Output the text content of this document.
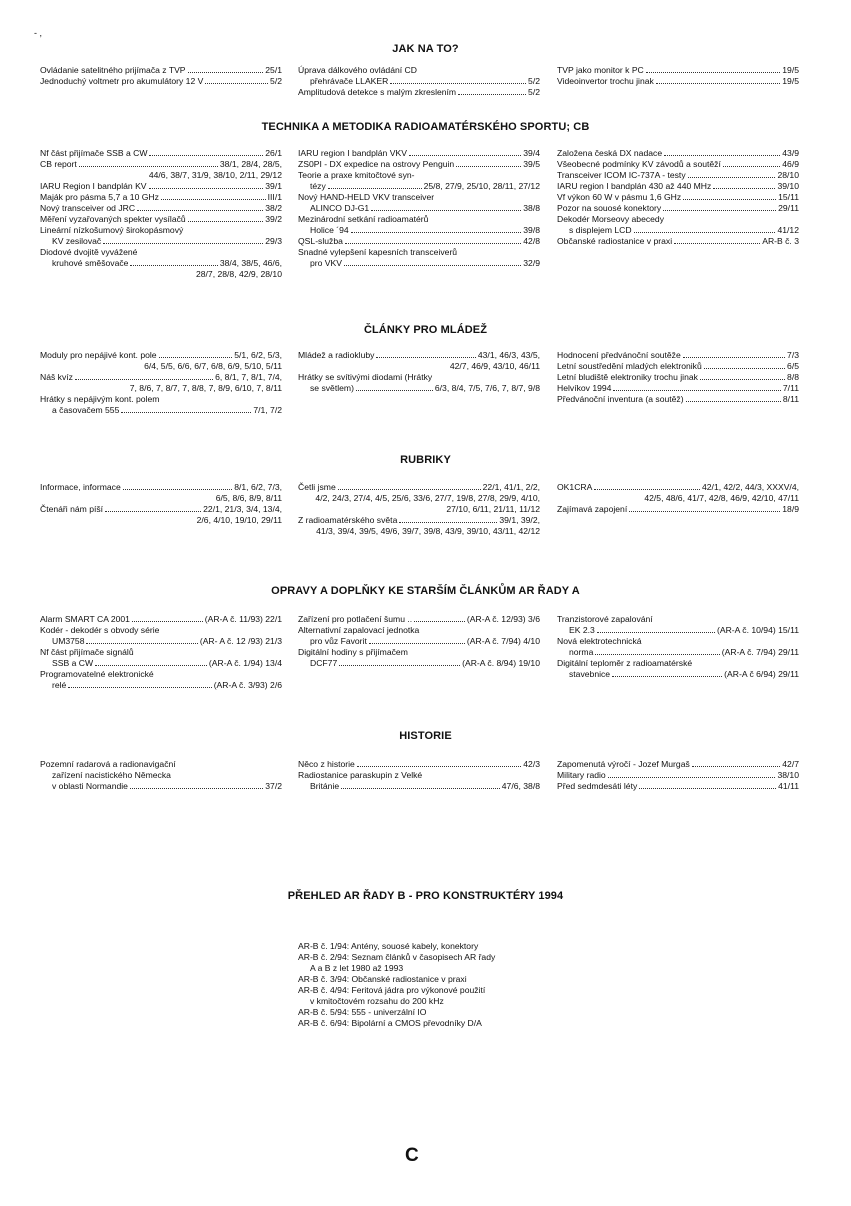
- ,
JAK NA TO?
Ovládanie satelitného prijímača z TVP	25/1
Jednoduchý voltmetr pro akumulátory 12 V	5/2
Úprava dálkového ovládání CD
přehrávače LLAKER	5/2
Amplitudová detekce s malým zkreslením	5/2
TVP jako monitor k PC	19/5
Videoinvertor trochu jinak	19/5
TECHNIKA A METODIKA RADIOAMATÉRSKÉHO SPORTU; CB
Nf část přijímače SSB a CW	26/1
CB report	38/1, 28/4, 28/5,
44/6, 38/7, 31/9, 38/10, 2/11, 29/12
IARU Region I bandplán KV	39/1
Maják pro pásma 5,7 a 10 GHz	III/1
Nový transceiver od JRC	38/2
Měření vyzařovaných spekter vysílačů	39/2
Lineární nízkošumový širokopásmový
KV zesilovač	29/3
Diodové dvojitě vyvážené
kruhové směšovače	38/4, 38/5, 46/6,
28/7, 28/8, 42/9, 28/10
IARU region I bandplán VKV	39/4
ZS0PI - DX expedice na ostrovy Penguin	39/5
Teorie a praxe kmitočtové syn-
tézy	25/8, 27/9, 25/10, 28/11, 27/12
Nový HAND-HELD VKV transceiver
ALINCO DJ-G1	38/8
Mezinárodní setkání radioamatérů
Holice ´94	39/8
QSL-služba	42/8
Snadné vylepšení kapesních transceiverů
pro VKV	32/9
Založena česká DX nadace	43/9
Všeobecné podmínky KV závodů a soutěží	46/9
Transceiver ICOM IC-737A - testy	28/10
IARU region I bandplán 430 až 440 MHz	39/10
Vf výkon 60 W v pásmu 1,6 GHz	15/11
Pozor na souosé konektory	29/11
Dekodér Morseovy abecedy
s displejem LCD	41/12
Občanské radiostanice v praxi	AR-B č. 3
ČLÁNKY PRO MLÁDEŽ
Moduly pro nepájivé kont. pole	5/1, 6/2, 5/3,
6/4, 5/5, 6/6, 6/7, 6/8, 6/9, 5/10, 5/11
Náš kvíz	6, 8/1, 7, 8/1, 7/4,
7, 8/6, 7, 8/7, 7, 8/8, 7, 8/9, 6/10, 7, 8/11
Hrátky s nepájivým kont. polem
a časovačem 555	7/1, 7/2
Mládež a radiokluby	43/1, 46/3, 43/5,
42/7, 46/9, 43/10, 46/11
Hrátky se svítivými diodami (Hrátky
se světlem)	6/3, 8/4, 7/5, 7/6, 7, 8/7, 9/8
Hodnocení předvánoční soutěže	7/3
Letní soustředění mladých elektroniků	6/5
Letní bludiště elektroniky trochu jinak	8/8
Helvíkov 1994	7/11
Předvánoční inventura (a soutěž)	8/11
RUBRIKY
Informace, informace	8/1, 6/2, 7/3,
6/5, 8/6, 8/9, 8/11
Čtenáři nám píší	22/1, 21/3, 3/4, 13/4,
2/6, 4/10, 19/10, 29/11
Četli jsme	22/1, 41/1, 2/2,
4/2, 24/3, 27/4, 4/5, 25/6, 33/6, 27/7, 19/8, 27/8, 29/9, 4/10, 27/10, 6/11, 21/11, 11/12
Z radioamatérského světa	39/1, 39/2,
41/3, 39/4, 39/5, 49/6, 39/7, 39/8, 43/9, 39/10, 43/11, 42/12
OK1CRA	42/1, 42/2, 44/3, XXXV/4,
42/5, 48/6, 41/7, 42/8, 46/9, 42/10, 47/11
Zajímavá zapojení	18/9
OPRAVY A DOPLŇKY KE STARŠÍM ČLÁNKŮM AR ŘADY A
Alarm SMART CA 2001	(AR-A č. 11/93) 22/1
Kodér - dekodér s obvody série
UM3758	(AR- A č. 12 /93) 21/3
Nf část přijímače signálů
SSB a CW	(AR-A č. 1/94) 13/4
Programovatelné elektronické
relé	(AR-A č. 3/93) 2/6
Zařízení pro potlačení šumu ..	(AR-A č. 12/93) 3/6
Alternativní zapalovací jednotka
pro vůz Favorit	(AR-A č. 7/94) 4/10
Digitální hodiny s přijímačem
DCF77	(AR-A č. 8/94) 19/10
Tranzistorové zapalování
EK 2.3	(AR-A č. 10/94) 15/11
Nová elektrotechnická
norma	(AR-A č. 7/94) 29/11
Digitální teploměr z radioamatérské
stavebnice	(AR-A č 6/94) 29/11
HISTORIE
Pozemní radarová a radionavigační
zařízení nacistického Německa
v oblasti Normandie	37/2
Něco z historie	42/3
Radiostanice paraskupin z Velké
Británie	47/6, 38/8
Zapomenutá výročí - Jozef Murgaš	42/7
Military radio	38/10
Před sedmdesáti léty	41/11
PŘEHLED AR ŘADY B - PRO KONSTRUKTÉRY 1994
AR-B č. 1/94: Antény, souosé kabely, konektory
AR-B č. 2/94: Seznam článků v časopisech AR řady
A a B z let 1980 až 1993
AR-B č. 3/94: Občanské radiostanice v praxi
AR-B č. 4/94: Feritová jádra pro výkonové použití
v kmitočtovém rozsahu do 200 kHz
AR-B č. 5/94: 555 - univerzální IO
AR-B č. 6/94: Bipolární a CMOS převodníky D/A
C
